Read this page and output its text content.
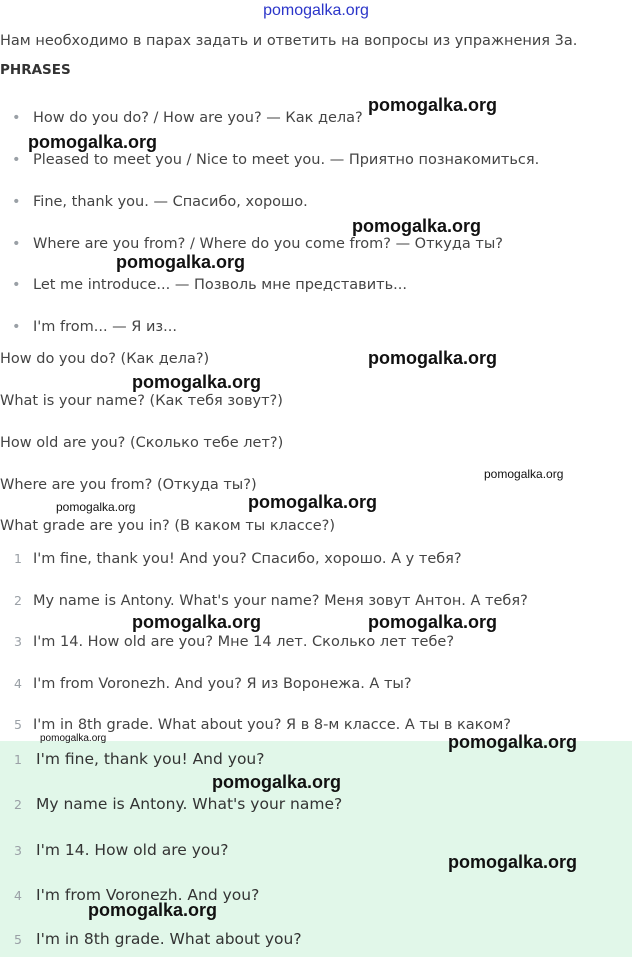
pomogalka.org
Нам необходимо в парах задать и ответить на вопросы из упражнения 3a.
PHRASES
• How do you do? / How are you? — Как дела?
• Pleased to meet you / Nice to meet you. — Приятно познакомиться.
• Fine, thank you. — Спасибо, хорошо.
• Where are you from? / Where do you come from? — Откуда ты?
• Let me introduce... — Позволь мне представить...
• I'm from... — Я из...
How do you do? (Как дела?)
What is your name? (Как тебя зовут?)
How old are you? (Сколько тебе лет?)
Where are you from? (Откуда ты?)
What grade are you in? (В каком ты классе?)
1 I'm fine, thank you! And you? Спасибо, хорошо. А у тебя?
2 My name is Antony. What's your name? Меня зовут Антон. А тебя?
3 I'm 14. How old are you? Мне 14 лет. Сколько лет тебе?
4 I'm from Voronezh. And you? Я из Воронежа. А ты?
5 I'm in 8th grade. What about you? Я в 8-м классе. А ты в каком?
1 I'm fine, thank you! And you?
2 My name is Antony. What's your name?
3 I'm 14. How old are you?
4 I'm from Voronezh. And you?
5 I'm in 8th grade. What about you?
pomogalka.org
pomogalka.org
pomogalka.org
pomogalka.org
pomogalka.org
pomogalka.org
pomogalka.org
pomogalka.org
pomogalka.org
pomogalka.org	pomogalka.org
pomogalka.org	pomogalka.org
pomogalka.org
pomogalka.org
pomogalka.org
